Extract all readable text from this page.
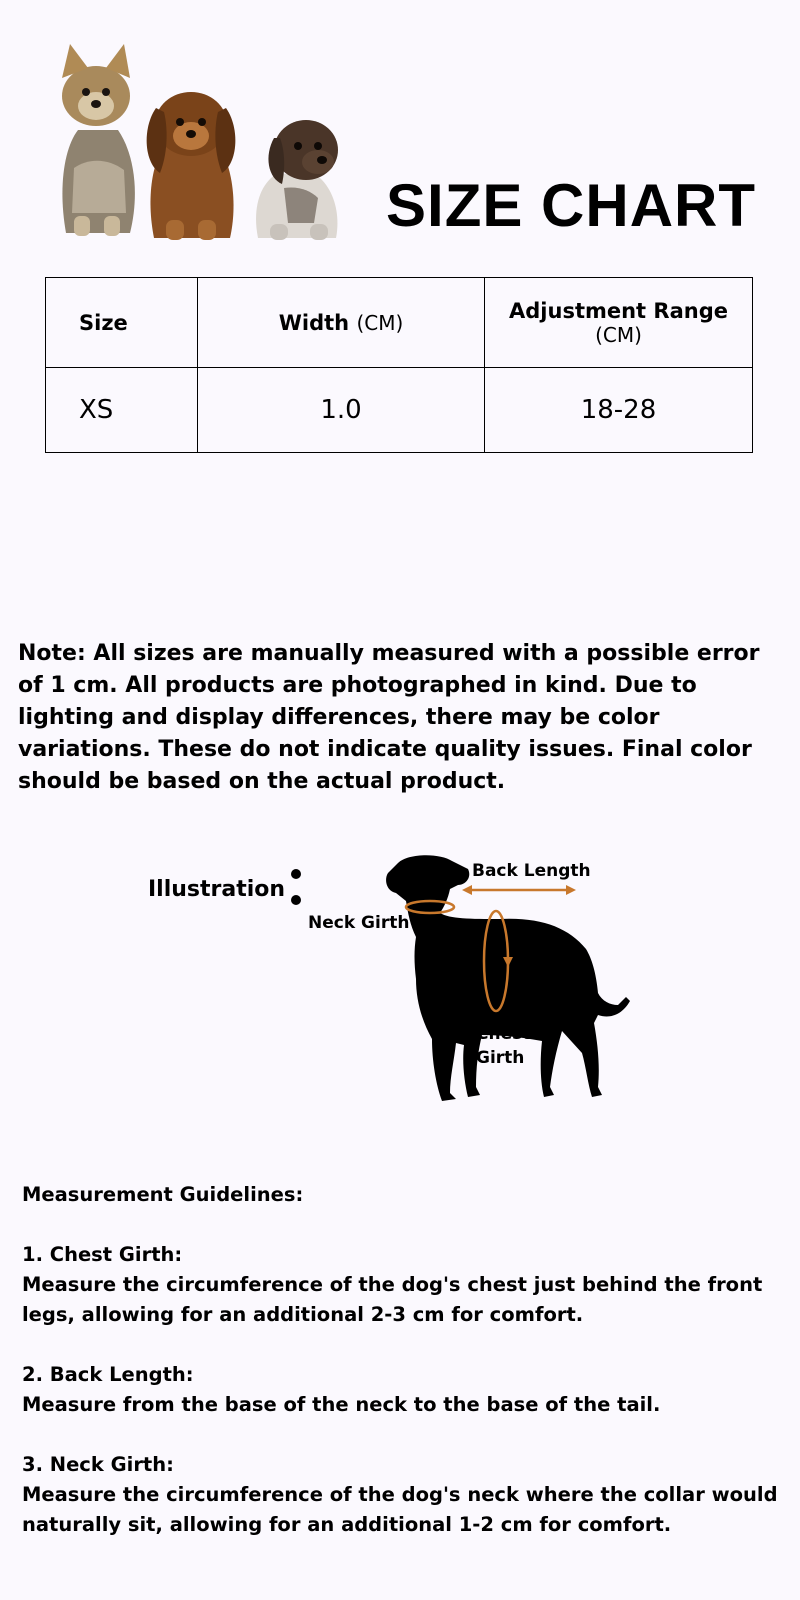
SIZE CHART
Size	Width (CM)	Adjustment Range (CM)
XS	1.0	18-28

Note: All sizes are manually measured with a possible error of 1 cm. All products are photographed in kind. Due to lighting and display differences, there may be color variations. These do not indicate quality issues. Final color should be based on the actual product.

Illustration
Back Length
Neck Girth
Chest
Girth

Measurement Guidelines:

1. Chest Girth:

Measure the circumference of the dog's chest just behind the front legs, allowing for an additional 2-3 cm for comfort.

2. Back Length:

Measure from the base of the neck to the base of the tail.

3. Neck Girth:

Measure the circumference of the dog's neck where the collar would naturally sit, allowing for an additional 1-2 cm for comfort.
